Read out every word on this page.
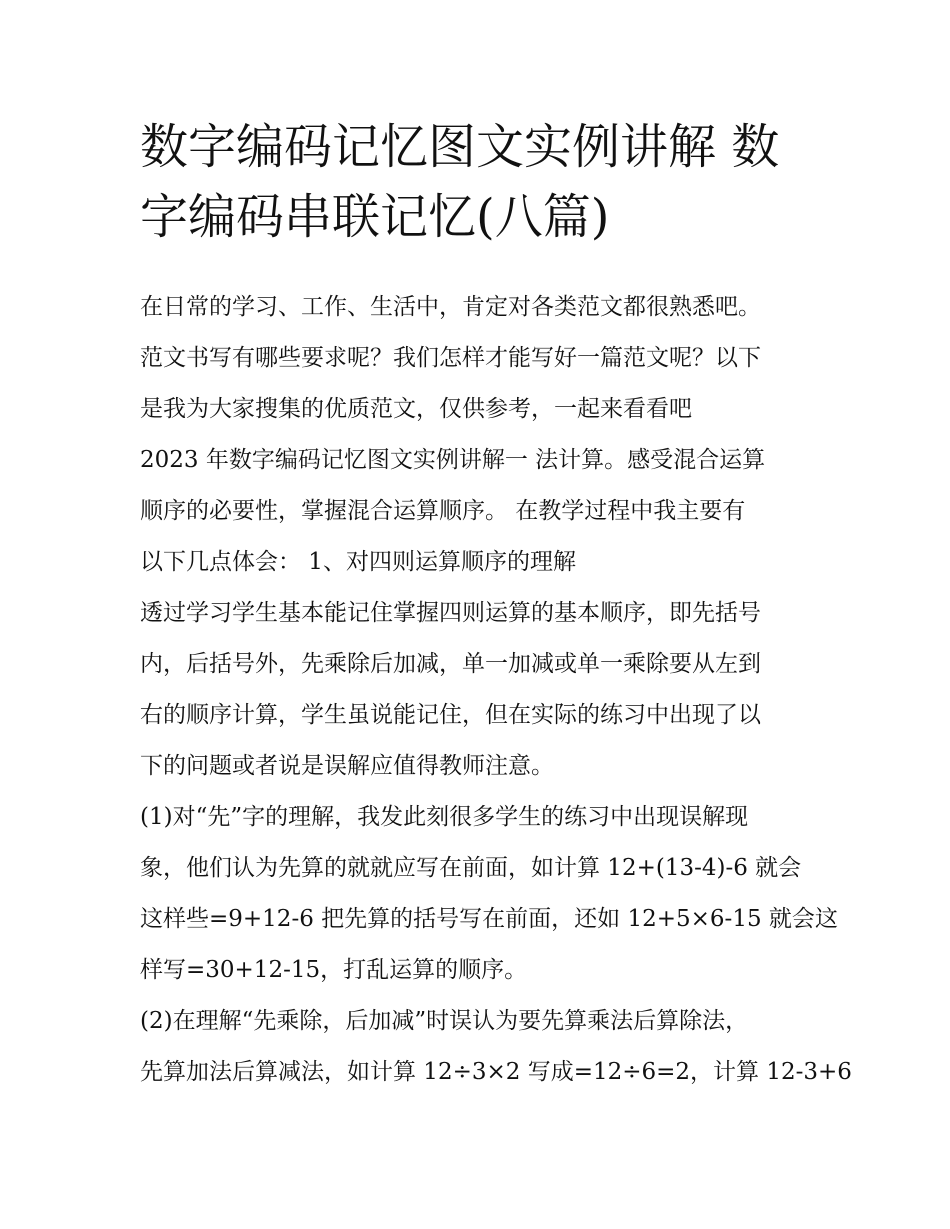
数字编码记忆图文实例讲解 数
字编码串联记忆(八篇)
在日常的学习、工作、生活中，肯定对各类范文都很熟悉吧。
范文书写有哪些要求呢？我们怎样才能写好一篇范文呢？以下
是我为大家搜集的优质范文，仅供参考，一起来看看吧
2023 年数字编码记忆图文实例讲解一 法计算。感受混合运算
顺序的必要性，掌握混合运算顺序。 在教学过程中我主要有
以下几点体会： 1、对四则运算顺序的理解
透过学习学生基本能记住掌握四则运算的基本顺序，即先括号
内，后括号外，先乘除后加减，单一加减或单一乘除要从左到
右的顺序计算，学生虽说能记住，但在实际的练习中出现了以
下的问题或者说是误解应值得教师注意。
(1)对“先”字的理解，我发此刻很多学生的练习中出现误解现
象，他们认为先算的就就应写在前面，如计算 12+(13-4)-6 就会
这样些=9+12-6 把先算的括号写在前面，还如 12+5×6-15 就会这
样写=30+12-15，打乱运算的顺序。
(2)在理解“先乘除，后加减”时误认为要先算乘法后算除法，
先算加法后算减法，如计算 12÷3×2 写成=12÷6=2，计算 12-3+6
